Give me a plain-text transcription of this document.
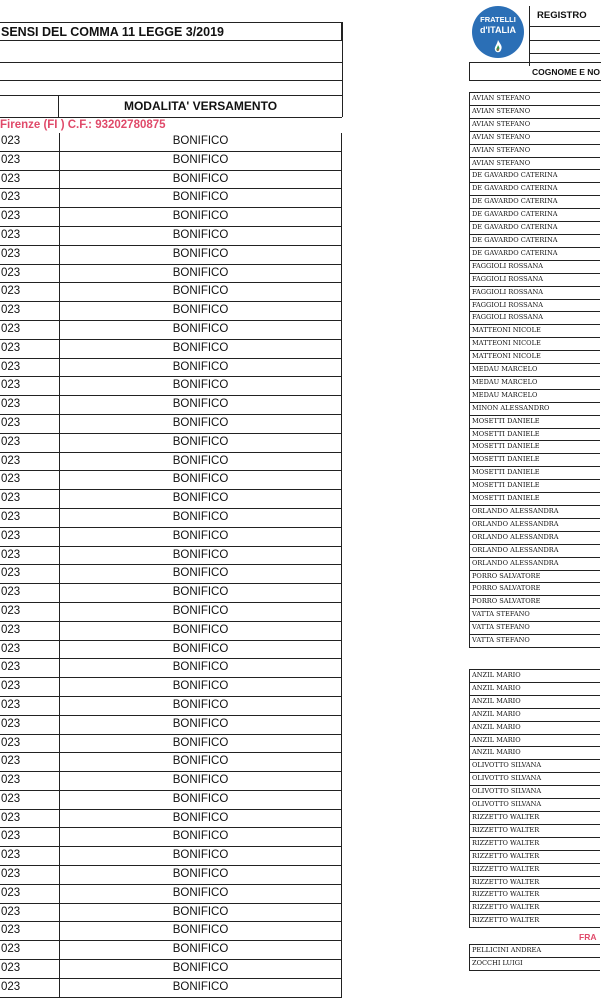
SENSI DEL COMMA 11 LEGGE 3/2019
MODALITA' VERSAMENTO
Firenze (FI ) C.F.: 93202780875
023	BONIFICO
023	BONIFICO
023	BONIFICO
023	BONIFICO
023	BONIFICO
023	BONIFICO
023	BONIFICO
023	BONIFICO
023	BONIFICO
023	BONIFICO
023	BONIFICO
023	BONIFICO
023	BONIFICO
023	BONIFICO
023	BONIFICO
023	BONIFICO
023	BONIFICO
023	BONIFICO
023	BONIFICO
023	BONIFICO
023	BONIFICO
023	BONIFICO
023	BONIFICO
023	BONIFICO
023	BONIFICO
023	BONIFICO
023	BONIFICO
023	BONIFICO
023	BONIFICO
023	BONIFICO
023	BONIFICO
023	BONIFICO
023	BONIFICO
023	BONIFICO
023	BONIFICO
023	BONIFICO
023	BONIFICO
023	BONIFICO
023	BONIFICO
023	BONIFICO
023	BONIFICO
023	BONIFICO
023	BONIFICO
023	BONIFICO
023	BONIFICO
023	BONIFICO
FRATELLI
d'ITALIA
REGISTRO
COGNOME E NO
AVIAN STEFANO
AVIAN STEFANO
AVIAN STEFANO
AVIAN STEFANO
AVIAN STEFANO
AVIAN STEFANO
DE GAVARDO CATERINA
DE GAVARDO CATERINA
DE GAVARDO CATERINA
DE GAVARDO CATERINA
DE GAVARDO CATERINA
DE GAVARDO CATERINA
DE GAVARDO CATERINA
FAGGIOLI ROSSANA
FAGGIOLI ROSSANA
FAGGIOLI ROSSANA
FAGGIOLI ROSSANA
FAGGIOLI ROSSANA
MATTEONI NICOLE
MATTEONI NICOLE
MATTEONI NICOLE
MEDAU MARCELO
MEDAU MARCELO
MEDAU MARCELO
MINON ALESSANDRO
MOSETTI DANIELE
MOSETTI DANIELE
MOSETTI DANIELE
MOSETTI DANIELE
MOSETTI DANIELE
MOSETTI DANIELE
MOSETTI DANIELE
ORLANDO ALESSANDRA
ORLANDO ALESSANDRA
ORLANDO ALESSANDRA
ORLANDO ALESSANDRA
ORLANDO ALESSANDRA
PORRO SALVATORE
PORRO SALVATORE
PORRO SALVATORE
VATTA STEFANO
VATTA STEFANO
VATTA STEFANO
ANZIL MARIO
ANZIL MARIO
ANZIL MARIO
ANZIL MARIO
ANZIL MARIO
ANZIL MARIO
ANZIL MARIO
OLIVOTTO SILVANA
OLIVOTTO SILVANA
OLIVOTTO SILVANA
OLIVOTTO SILVANA
RIZZETTO WALTER
RIZZETTO WALTER
RIZZETTO WALTER
RIZZETTO WALTER
RIZZETTO WALTER
RIZZETTO WALTER
RIZZETTO WALTER
RIZZETTO WALTER
RIZZETTO WALTER
FRA
PELLICINI ANDREA
ZOCCHI LUIGI
